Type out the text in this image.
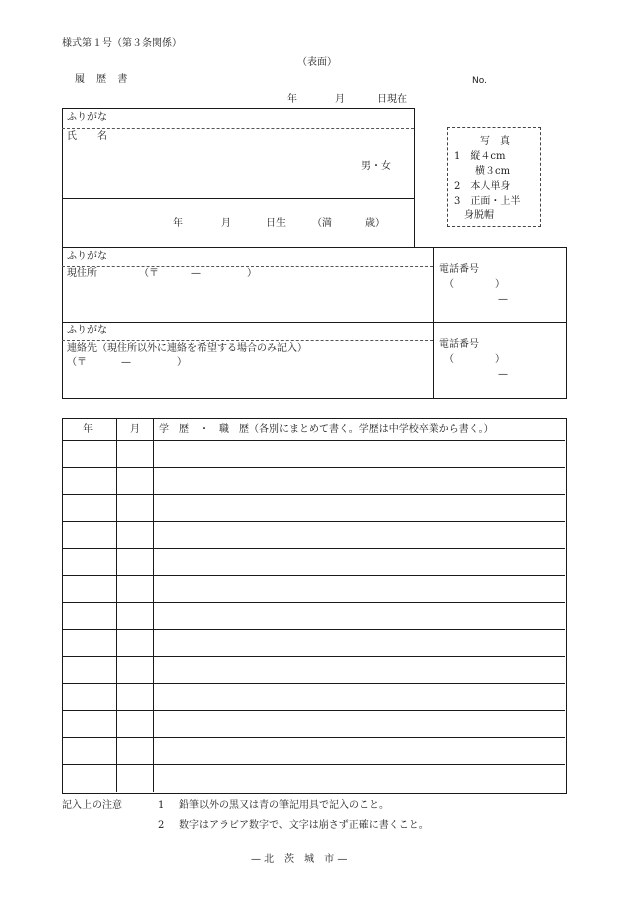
様式第１号（第３条関係）
（表面）
履 歴 書	No.
年	月	日現在
ふりがな
氏　　名
男・女
年	月	日生	（満	歳）
写　真
1　縦４cm
横３cm
2　本人単身
3　正面・上半
身脱帽
ふりがな
現住所	（〒	—	）	電話番号
（	）
—
ふりがな
連絡先（現住所以外に連絡を希望する場合のみ記入）
（〒	—	）
電話番号
（	）
—
年	月 学　歴　・　職　歴（各別にまとめて書く。学歴は中学校卒業から書く。）
記入上の注意	1 鉛筆以外の黒又は青の筆記用具で記入のこと。
2 数字はアラビア数字で、文字は崩さず正確に書くこと。
— 北　茨　城　市 —
